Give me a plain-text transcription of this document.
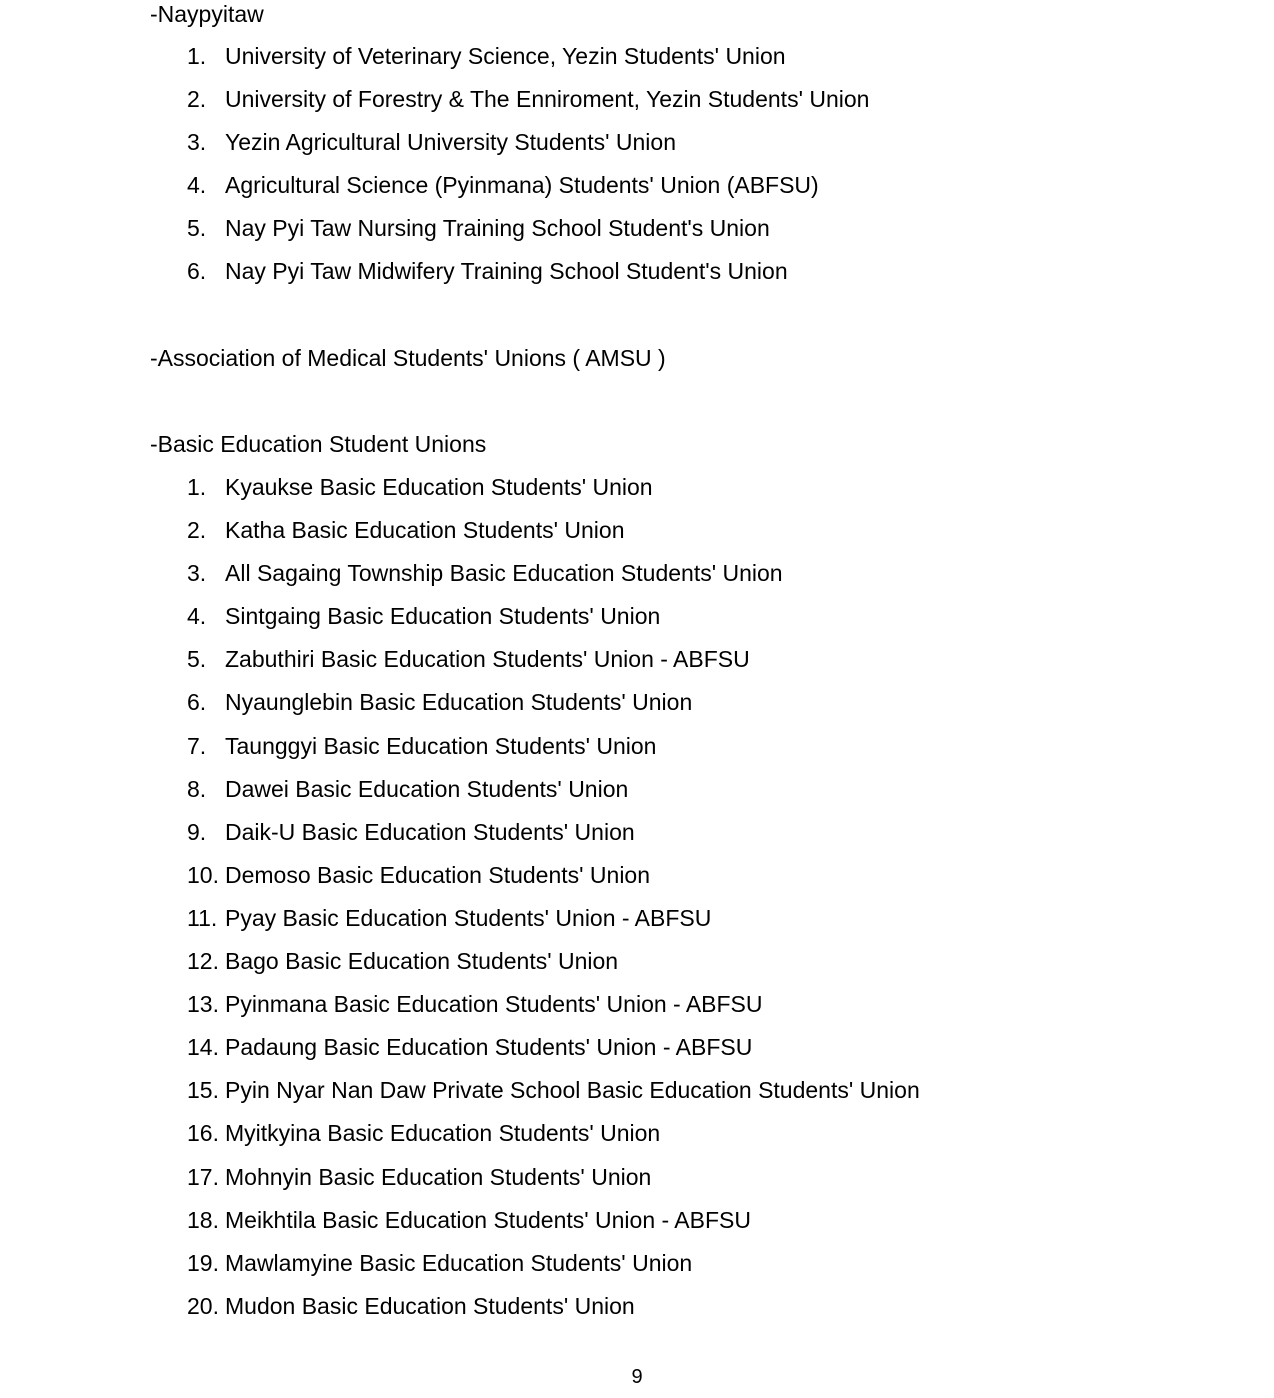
-Naypyitaw
1. University of Veterinary Science, Yezin Students' Union
2. University of Forestry & The Enniroment, Yezin Students' Union
3. Yezin Agricultural University Students' Union
4. Agricultural Science (Pyinmana) Students' Union (ABFSU)
5. Nay Pyi Taw Nursing Training School Student's Union
6. Nay Pyi Taw Midwifery Training School Student's Union
-Association of Medical Students' Unions ( AMSU )
-Basic Education Student Unions
1. Kyaukse Basic Education Students' Union
2. Katha Basic Education Students' Union
3. All Sagaing Township Basic Education Students' Union
4. Sintgaing Basic Education Students' Union
5. Zabuthiri Basic Education Students' Union - ABFSU
6. Nyaunglebin Basic Education Students' Union
7. Taunggyi Basic Education Students' Union
8. Dawei Basic Education Students' Union
9. Daik-U Basic Education Students' Union
10. Demoso Basic Education Students' Union
11. Pyay Basic Education Students' Union - ABFSU
12. Bago Basic Education Students' Union
13. Pyinmana Basic Education Students' Union - ABFSU
14. Padaung Basic Education Students' Union - ABFSU
15. Pyin Nyar Nan Daw Private School Basic Education Students' Union
16. Myitkyina Basic Education Students' Union
17. Mohnyin Basic Education Students' Union
18. Meikhtila Basic Education Students' Union - ABFSU
19. Mawlamyine Basic Education Students' Union
20. Mudon Basic Education Students' Union
9
